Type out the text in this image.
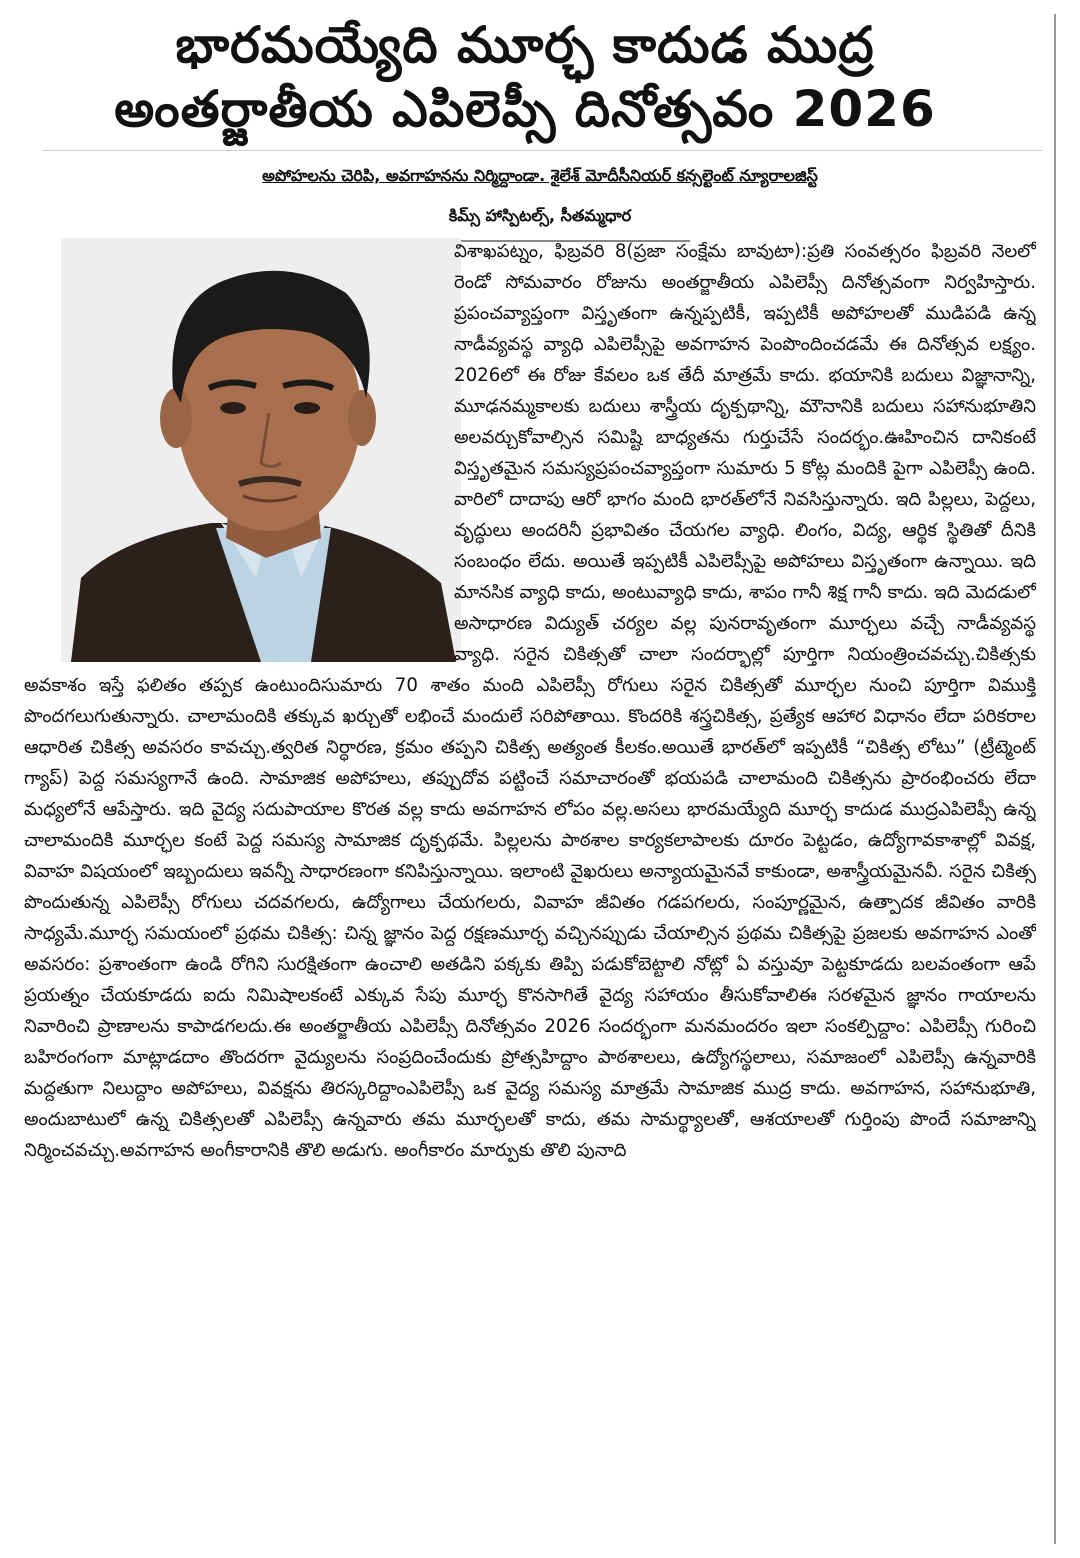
భారమయ్యేది మూర్ఛ కాదుడ ముద్ర
అంతర్జాతీయ ఎపిలెప్సీ దినోత్సవం 2026
అపోహలను చెరిపి, అవగాహనను నిర్మిద్దాండా. శైలేశ్ మోదీసీనియర్ కన్సల్టెంట్ న్యూరాలజిస్ట్
కిమ్స్ హాస్పిటల్స్, సీతమ్మధార

విశాఖపట్నం, ఫిబ్రవరి 8(ప్రజా సంక్షేమ బావుటా):ప్రతి సంవత్సరం ఫిబ్రవరి నెలలో రెండో సోమవారం రోజును అంతర్జాతీయ ఎపిలెప్సీ దినోత్సవంగా నిర్వహిస్తారు. ప్రపంచవ్యాప్తంగా విస్తృతంగా ఉన్నప్పటికీ, ఇప్పటికీ అపోహలతో ముడిపడి ఉన్న నాడీవ్యవస్థ వ్యాధి ఎపిలెప్సీపై అవగాహన పెంపొందించడమే ఈ దినోత్సవ లక్ష్యం. 2026లో ఈ రోజు కేవలం ఒక తేదీ మాత్రమే కాదు. భయానికి బదులు విజ్ఞానాన్ని, మూఢనమ్మకాలకు బదులు శాస్త్రీయ దృక్పథాన్ని, మౌనానికి బదులు సహానుభూతిని అలవర్చుకోవాల్సిన సమిష్టి బాధ్యతను గుర్తుచేసే సందర్భం.ఊహించిన దానికంటే విస్తృతమైన సమస్యప్రపంచవ్యాప్తంగా సుమారు 5 కోట్ల మందికి పైగా ఎపిలెప్సీ ఉంది. వారిలో దాదాపు ఆరో భాగం మంది భారత్‌లోనే నివసిస్తున్నారు. ఇది పిల్లలు, పెద్దలు, వృద్ధులు అందరినీ ప్రభావితం చేయగల వ్యాధి. లింగం, విద్య, ఆర్థిక స్థితితో దీనికి సంబంధం లేదు. అయితే ఇప్పటికీ ఎపిలెప్సీపై అపోహలు విస్తృతంగా ఉన్నాయి. ఇది మానసిక వ్యాధి కాదు, అంటువ్యాధి కాదు, శాపం గానీ శిక్ష గానీ కాదు. ఇది మెదడులో అసాధారణ విద్యుత్ చర్యల వల్ల పునరావృతంగా మూర్ఛలు వచ్చే నాడీవ్యవస్థ వ్యాధి. సరైన చికిత్సతో చాలా సందర్భాల్లో పూర్తిగా నియంత్రించవచ్చు.చికిత్సకు అవకాశం ఇస్తే ఫలితం తప్పక ఉంటుందిసుమారు 70 శాతం మంది ఎపిలెప్సీ రోగులు సరైన చికిత్సతో మూర్ఛల నుంచి పూర్తిగా విముక్తి పొందగలుగుతున్నారు. చాలామందికి తక్కువ ఖర్చుతో లభించే మందులే సరిపోతాయి. కొందరికి శస్త్రచికిత్స, ప్రత్యేక ఆహార విధానం లేదా పరికరాల ఆధారిత చికిత్స అవసరం కావచ్చు.త్వరిత నిర్ధారణ, క్రమం తప్పని చికిత్స అత్యంత కీలకం.అయితే భారత్‌లో ఇప్పటికీ “చికిత్స లోటు” (ట్రీట్మెంట్ గ్యాప్) పెద్ద సమస్యగానే ఉంది. సామాజిక అపోహలు, తప్పుదోవ పట్టించే సమాచారంతో భయపడి చాలామంది చికిత్సను ప్రారంభించరు లేదా మధ్యలోనే ఆపేస్తారు. ఇది వైద్య సదుపాయాల కొరత వల్ల కాదు అవగాహన లోపం వల్ల.అసలు భారమయ్యేది మూర్ఛ కాదుడ ముద్రఎపిలెప్సీ ఉన్న చాలామందికి మూర్ఛల కంటే పెద్ద సమస్య సామాజిక దృక్పథమే. పిల్లలను పాఠశాల కార్యకలాపాలకు దూరం పెట్టడం, ఉద్యోగావకాశాల్లో వివక్ష, వివాహ విషయంలో ఇబ్బందులు ఇవన్నీ సాధారణంగా కనిపిస్తున్నాయి. ఇలాంటి వైఖరులు అన్యాయమైనవే కాకుండా, అశాస్త్రీయమైనవీ. సరైన చికిత్స పొందుతున్న ఎపిలెప్సీ రోగులు చదవగలరు, ఉద్యోగాలు చేయగలరు, వివాహ జీవితం గడపగలరు, సంపూర్ణమైన, ఉత్పాదక జీవితం వారికి సాధ్యమే.మూర్ఛ సమయంలో ప్రథమ చికిత్స: చిన్న జ్ఞానం పెద్ద రక్షణమూర్ఛ వచ్చినప్పుడు చేయాల్సిన ప్రథమ చికిత్సపై ప్రజలకు అవగాహన ఎంతో అవసరం: ప్రశాంతంగా ఉండి రోగిని సురక్షితంగా ఉంచాలి అతడిని పక్కకు తిప్పి పడుకోబెట్టాలి నోట్లో ఏ వస్తువూ పెట్టకూడదు బలవంతంగా ఆపే ప్రయత్నం చేయకూడదు ఐదు నిమిషాలకంటే ఎక్కువ సేపు మూర్ఛ కొనసాగితే వైద్య సహాయం తీసుకోవాలిఈ సరళమైన జ్ఞానం గాయాలను నివారించి ప్రాణాలను కాపాడగలదు.ఈ అంతర్జాతీయ ఎపిలెప్సీ దినోత్సవం 2026 సందర్భంగా మనమందరం ఇలా సంకల్పిద్దాం: ఎపిలెప్సీ గురించి బహిరంగంగా మాట్లాడదాం తొందరగా వైద్యులను సంప్రదించేందుకు ప్రోత్సహిద్దాం పాఠశాలలు, ఉద్యోగస్థలాలు, సమాజంలో ఎపిలెప్సీ ఉన్నవారికి మద్దతుగా నిలుద్దాం అపోహలు, వివక్షను తిరస్కరిద్దాంఎపిలెప్సీ ఒక వైద్య సమస్య మాత్రమే సామాజిక ముద్ర కాదు. అవగాహన, సహానుభూతి, అందుబాటులో ఉన్న చికిత్సలతో ఎపిలెప్సీ ఉన్నవారు తమ మూర్ఛలతో కాదు, తమ సామర్థ్యాలతో, ఆశయాలతో గుర్తింపు పొందే సమాజాన్ని నిర్మించవచ్చు.అవగాహన అంగీకారానికి తొలి అడుగు. అంగీకారం మార్పుకు తొలి పునాది
